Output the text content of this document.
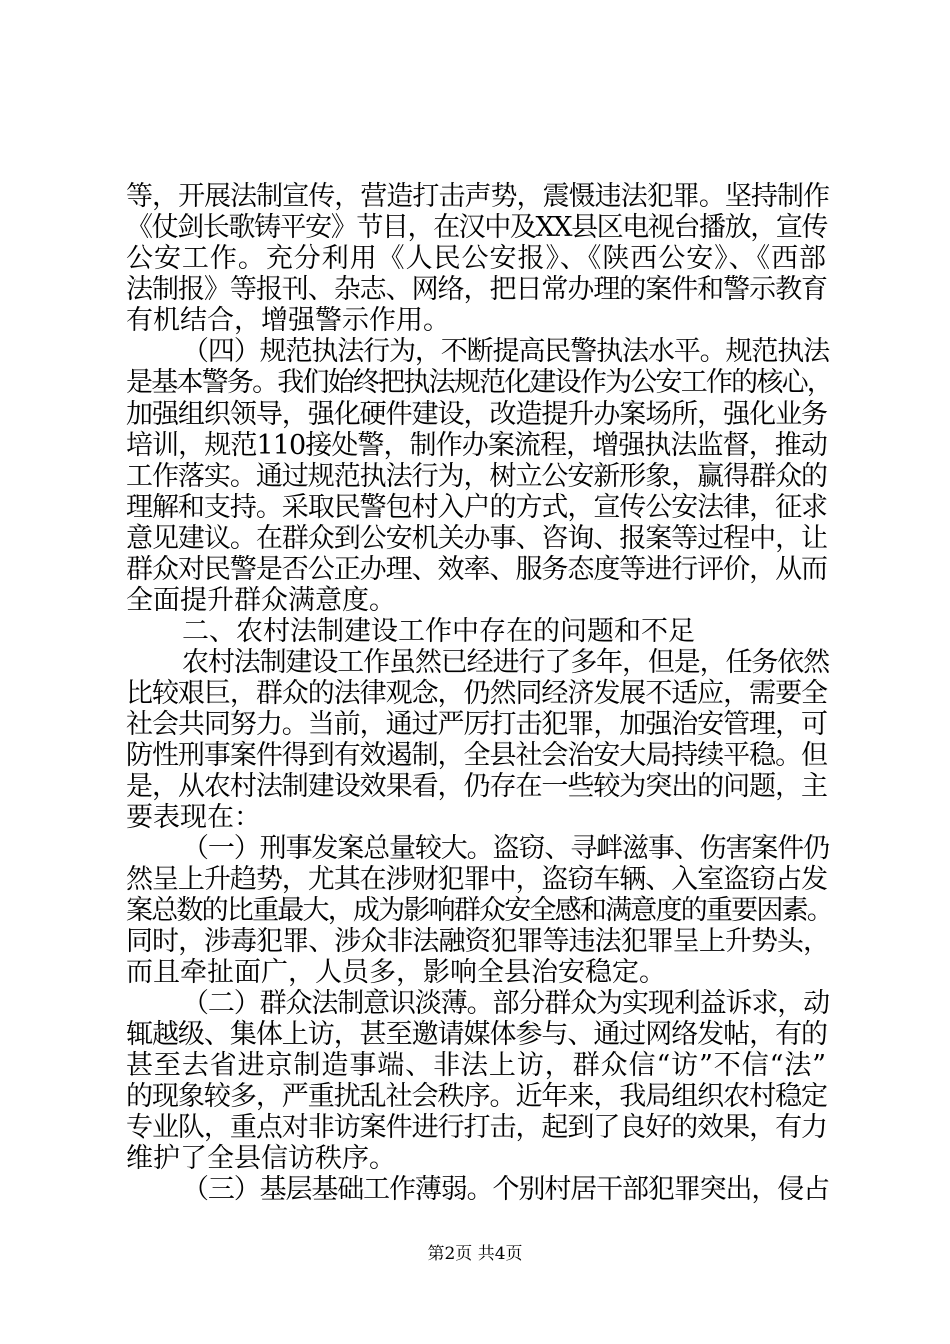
等，开展法制宣传，营造打击声势，震慑违法犯罪。坚持制作
《仗剑长歌铸平安》节目，在汉中及XX县区电视台播放，宣传
公安工作。充分利用《人民公安报》、《陕西公安》、《西部
法制报》等报刊、杂志、网络，把日常办理的案件和警示教育
有机结合，增强警示作用。
（四）规范执法行为，不断提高民警执法水平。规范执法
是基本警务。我们始终把执法规范化建设作为公安工作的核心，
加强组织领导，强化硬件建设，改造提升办案场所，强化业务
培训，规范110接处警，制作办案流程，增强执法监督，推动
工作落实。通过规范执法行为，树立公安新形象，赢得群众的
理解和支持。采取民警包村入户的方式，宣传公安法律，征求
意见建议。在群众到公安机关办事、咨询、报案等过程中，让
群众对民警是否公正办理、效率、服务态度等进行评价，从而
全面提升群众满意度。
二、农村法制建设工作中存在的问题和不足
农村法制建设工作虽然已经进行了多年，但是，任务依然
比较艰巨，群众的法律观念，仍然同经济发展不适应，需要全
社会共同努力。当前，通过严厉打击犯罪，加强治安管理，可
防性刑事案件得到有效遏制，全县社会治安大局持续平稳。但
是，从农村法制建设效果看，仍存在一些较为突出的问题，主
要表现在：
（一）刑事发案总量较大。盗窃、寻衅滋事、伤害案件仍
然呈上升趋势，尤其在涉财犯罪中，盗窃车辆、入室盗窃占发
案总数的比重最大，成为影响群众安全感和满意度的重要因素。
同时，涉毒犯罪、涉众非法融资犯罪等违法犯罪呈上升势头，
而且牵扯面广，人员多，影响全县治安稳定。
（二）群众法制意识淡薄。部分群众为实现利益诉求，动
辄越级、集体上访，甚至邀请媒体参与、通过网络发帖，有的
甚至去省进京制造事端、非法上访，群众信“访”不信“法”
的现象较多，严重扰乱社会秩序。近年来，我局组织农村稳定
专业队，重点对非访案件进行打击，起到了良好的效果，有力
维护了全县信访秩序。
（三）基层基础工作薄弱。个别村居干部犯罪突出，侵占
第2页 共4页
